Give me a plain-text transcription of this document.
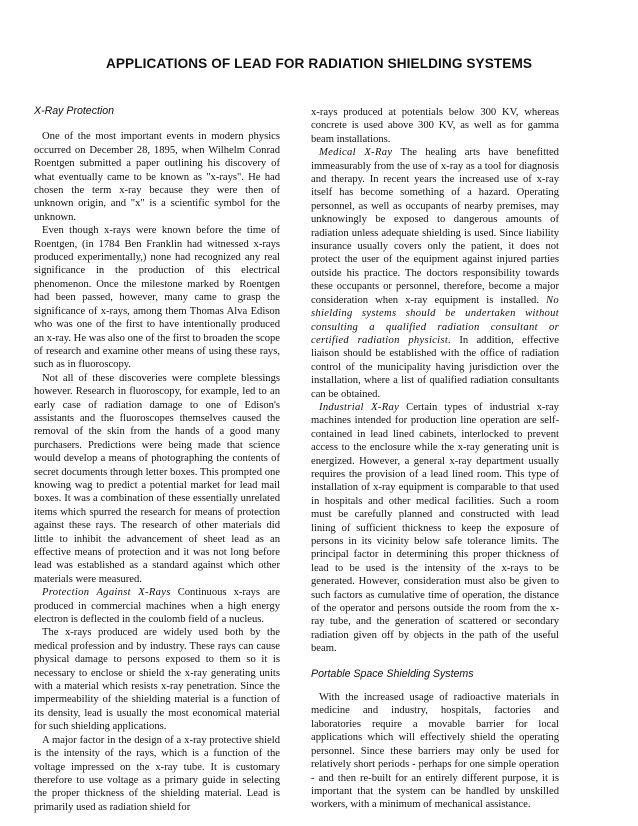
APPLICATIONS OF LEAD FOR RADIATION SHIELDING SYSTEMS
X-Ray Protection

One of the most important events in modern physics occurred on December 28, 1895, when Wilhelm Conrad Roentgen submitted a paper outlining his discovery of what eventually came to be known as "x-rays". He had chosen the term x-ray because they were then of unknown origin, and "x" is a scientific symbol for the unknown.

Even though x-rays were known before the time of Roentgen, (in 1784 Ben Franklin had witnessed x-rays produced experimentally,) none had recognized any real significance in the production of this electrical phenomenon. Once the milestone marked by Roentgen had been passed, however, many came to grasp the significance of x-rays, among them Thomas Alva Edison who was one of the first to have intentionally produced an x-ray. He was also one of the first to broaden the scope of research and examine other means of using these rays, such as in fluoroscopy.

Not all of these discoveries were complete blessings however. Research in fluoroscopy, for example, led to an early case of radiation damage to one of Edison's assistants and the fluoroscopes themselves caused the removal of the skin from the hands of a good many purchasers. Predictions were being made that science would develop a means of photographing the contents of secret documents through letter boxes. This prompted one knowing wag to predict a potential market for lead mail boxes. It was a combination of these essentially unrelated items which spurred the research for means of protection against these rays. The research of other materials did little to inhibit the advancement of sheet lead as an effective means of protection and it was not long before lead was established as a standard against which other materials were measured.

Protection Against X-Rays Continuous x-rays are produced in commercial machines when a high energy electron is deflected in the coulomb field of a nucleus.

The x-rays produced are widely used both by the medical profession and by industry. These rays can cause physical damage to persons exposed to them so it is necessary to enclose or shield the x-ray generating units with a material which resists x-ray penetration. Since the impermeability of the shielding material is a function of its density, lead is usually the most economical material for such shielding applications.

A major factor in the design of a x-ray protective shield is the intensity of the rays, which is a function of the voltage impressed on the x-ray tube. It is customary therefore to use voltage as a primary guide in selecting the proper thickness of the shielding material. Lead is primarily used as radiation shield for

x-rays produced at potentials below 300 KV, whereas concrete is used above 300 KV, as well as for gamma beam installations.

Medical X-Ray The healing arts have benefitted immeasurably from the use of x-ray as a tool for diagnosis and therapy. In recent years the increased use of x-ray itself has become something of a hazard. Operating personnel, as well as occupants of nearby premises, may unknowingly be exposed to dangerous amounts of radiation unless adequate shielding is used. Since liability insurance usually covers only the patient, it does not protect the user of the equipment against injured parties outside his practice. The doctors responsibility towards these occupants or personnel, therefore, become a major consideration when x-ray equipment is installed. No shielding systems should be undertaken without consulting a qualified radiation consultant or certified radiation physicist. In addition, effective liaison should be established with the office of radiation control of the municipality having jurisdiction over the installation, where a list of qualified radiation consultants can be obtained.

Industrial X-Ray Certain types of industrial x-ray machines intended for production line operation are self-contained in lead lined cabinets, interlocked to prevent access to the enclosure while the x-ray generating unit is energized. However, a general x-ray department usually requires the provision of a lead lined room. This type of installation of x-ray equipment is comparable to that used in hospitals and other medical facilities. Such a room must be carefully planned and constructed with lead lining of sufficient thickness to keep the exposure of persons in its vicinity below safe tolerance limits. The principal factor in determining this proper thickness of lead to be used is the intensity of the x-rays to be generated. However, consideration must also be given to such factors as cumulative time of operation, the distance of the operator and persons outside the room from the x-ray tube, and the generation of scattered or secondary radiation given off by objects in the path of the useful beam.

Portable Space Shielding Systems

With the increased usage of radioactive materials in medicine and industry, hospitals, factories and laboratories require a movable barrier for local applications which will effectively shield the operating personnel. Since these barriers may only be used for relatively short periods - perhaps for one simple operation - and then re-built for an entirely different purpose, it is important that the system can be handled by unskilled workers, with a minimum of mechanical assistance.
